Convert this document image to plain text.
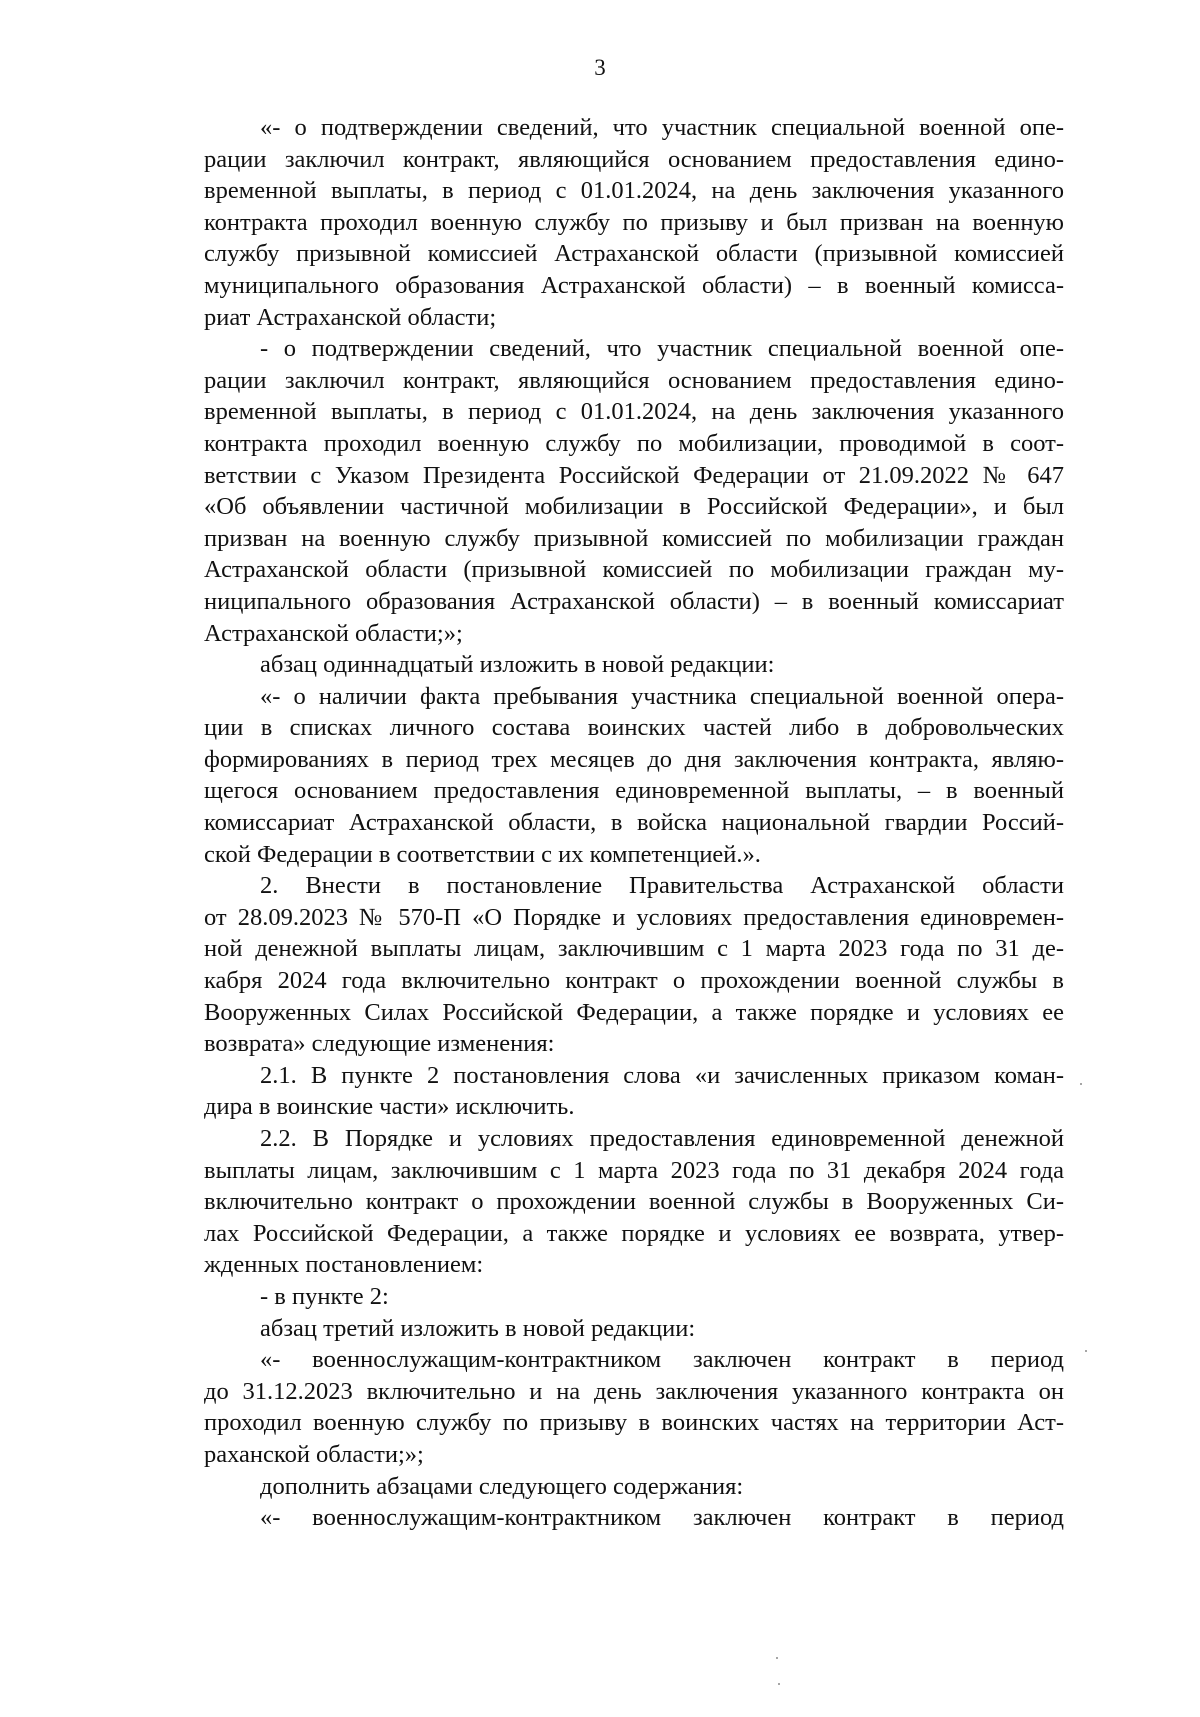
3
«- о подтверждении сведений, что участник специальной военной опе-
рации заключил контракт, являющийся основанием предоставления едино-
временной выплаты, в период с 01.01.2024, на день заключения указанного
контракта проходил военную службу по призыву и был призван на военную
службу призывной комиссией Астраханской области (призывной комиссией
муниципального образования Астраханской области) – в военный комисса-
риат Астраханской области;
- о подтверждении сведений, что участник специальной военной опе-
рации заключил контракт, являющийся основанием предоставления едино-
временной выплаты, в период с 01.01.2024, на день заключения указанного
контракта проходил военную службу по мобилизации, проводимой в соот-
ветствии с Указом Президента Российской Федерации от 21.09.2022 № 647
«Об объявлении частичной мобилизации в Российской Федерации», и был
призван на военную службу призывной комиссией по мобилизации граждан
Астраханской области (призывной комиссией по мобилизации граждан му-
ниципального образования Астраханской области) – в военный комиссариат
Астраханской области;»;
абзац одиннадцатый изложить в новой редакции:
«- о наличии факта пребывания участника специальной военной опера-
ции в списках личного состава воинских частей либо в добровольческих
формированиях в период трех месяцев до дня заключения контракта, являю-
щегося основанием предоставления единовременной выплаты, – в военный
комиссариат Астраханской области, в войска национальной гвардии Россий-
ской Федерации в соответствии с их компетенцией.».
2. Внести в постановление Правительства Астраханской области
от 28.09.2023 № 570-П «О Порядке и условиях предоставления единовремен-
ной денежной выплаты лицам, заключившим с 1 марта 2023 года по 31 де-
кабря 2024 года включительно контракт о прохождении военной службы в
Вооруженных Силах Российской Федерации, а также порядке и условиях ее
возврата» следующие изменения:
2.1. В пункте 2 постановления слова «и зачисленных приказом коман-
дира в воинские части» исключить.
2.2. В Порядке и условиях предоставления единовременной денежной
выплаты лицам, заключившим с 1 марта 2023 года по 31 декабря 2024 года
включительно контракт о прохождении военной службы в Вооруженных Си-
лах Российской Федерации, а также порядке и условиях ее возврата, утвер-
жденных постановлением:
- в пункте 2:
абзац третий изложить в новой редакции:
«- военнослужащим-контрактником заключен контракт в период
до 31.12.2023 включительно и на день заключения указанного контракта он
проходил военную службу по призыву в воинских частях на территории Аст-
раханской области;»;
дополнить абзацами следующего содержания:
«- военнослужащим-контрактником заключен контракт в период
